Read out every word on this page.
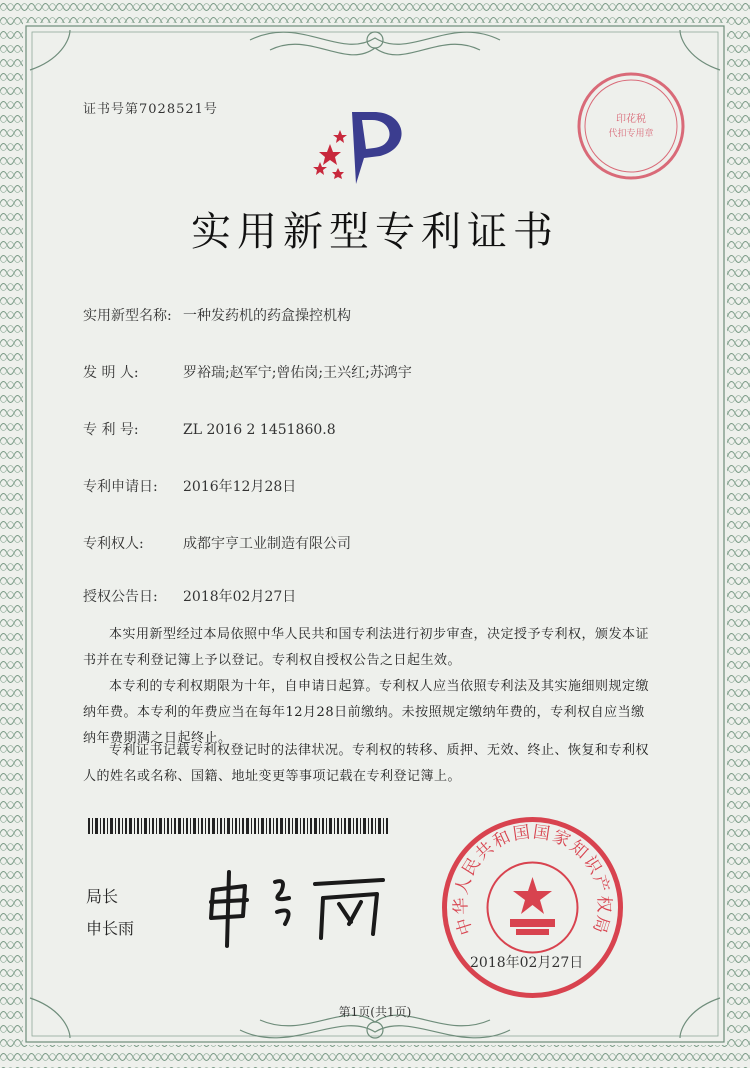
证书号第7028521号
印花税
代扣专用章
实用新型专利证书
实用新型名称: 一种发药机的药盒操控机构
发 明 人:	罗裕瑞;赵军宁;曾佑岗;王兴红;苏鸿宇
专 利 号:	ZL 2016 2 1451860.8
专利申请日: 2016年12月28日
专利权人:	成都宇亨工业制造有限公司
授权公告日: 2018年02月27日
本实用新型经过本局依照中华人民共和国专利法进行初步审查，决定授予专利权，颁发本证书并在专利登记簿上予以登记。专利权自授权公告之日起生效。
本专利的专利权期限为十年，自申请日起算。专利权人应当依照专利法及其实施细则规定缴纳年费。本专利的年费应当在每年12月28日前缴纳。未按照规定缴纳年费的，专利权自应当缴纳年费期满之日起终止。
专利证书记载专利权登记时的法律状况。专利权的转移、质押、无效、终止、恢复和专利权人的姓名或名称、国籍、地址变更等事项记载在专利登记簿上。
局长
申长雨	中华人民共和国国家知识产权局
2018年02月27日
第1页(共1页)
